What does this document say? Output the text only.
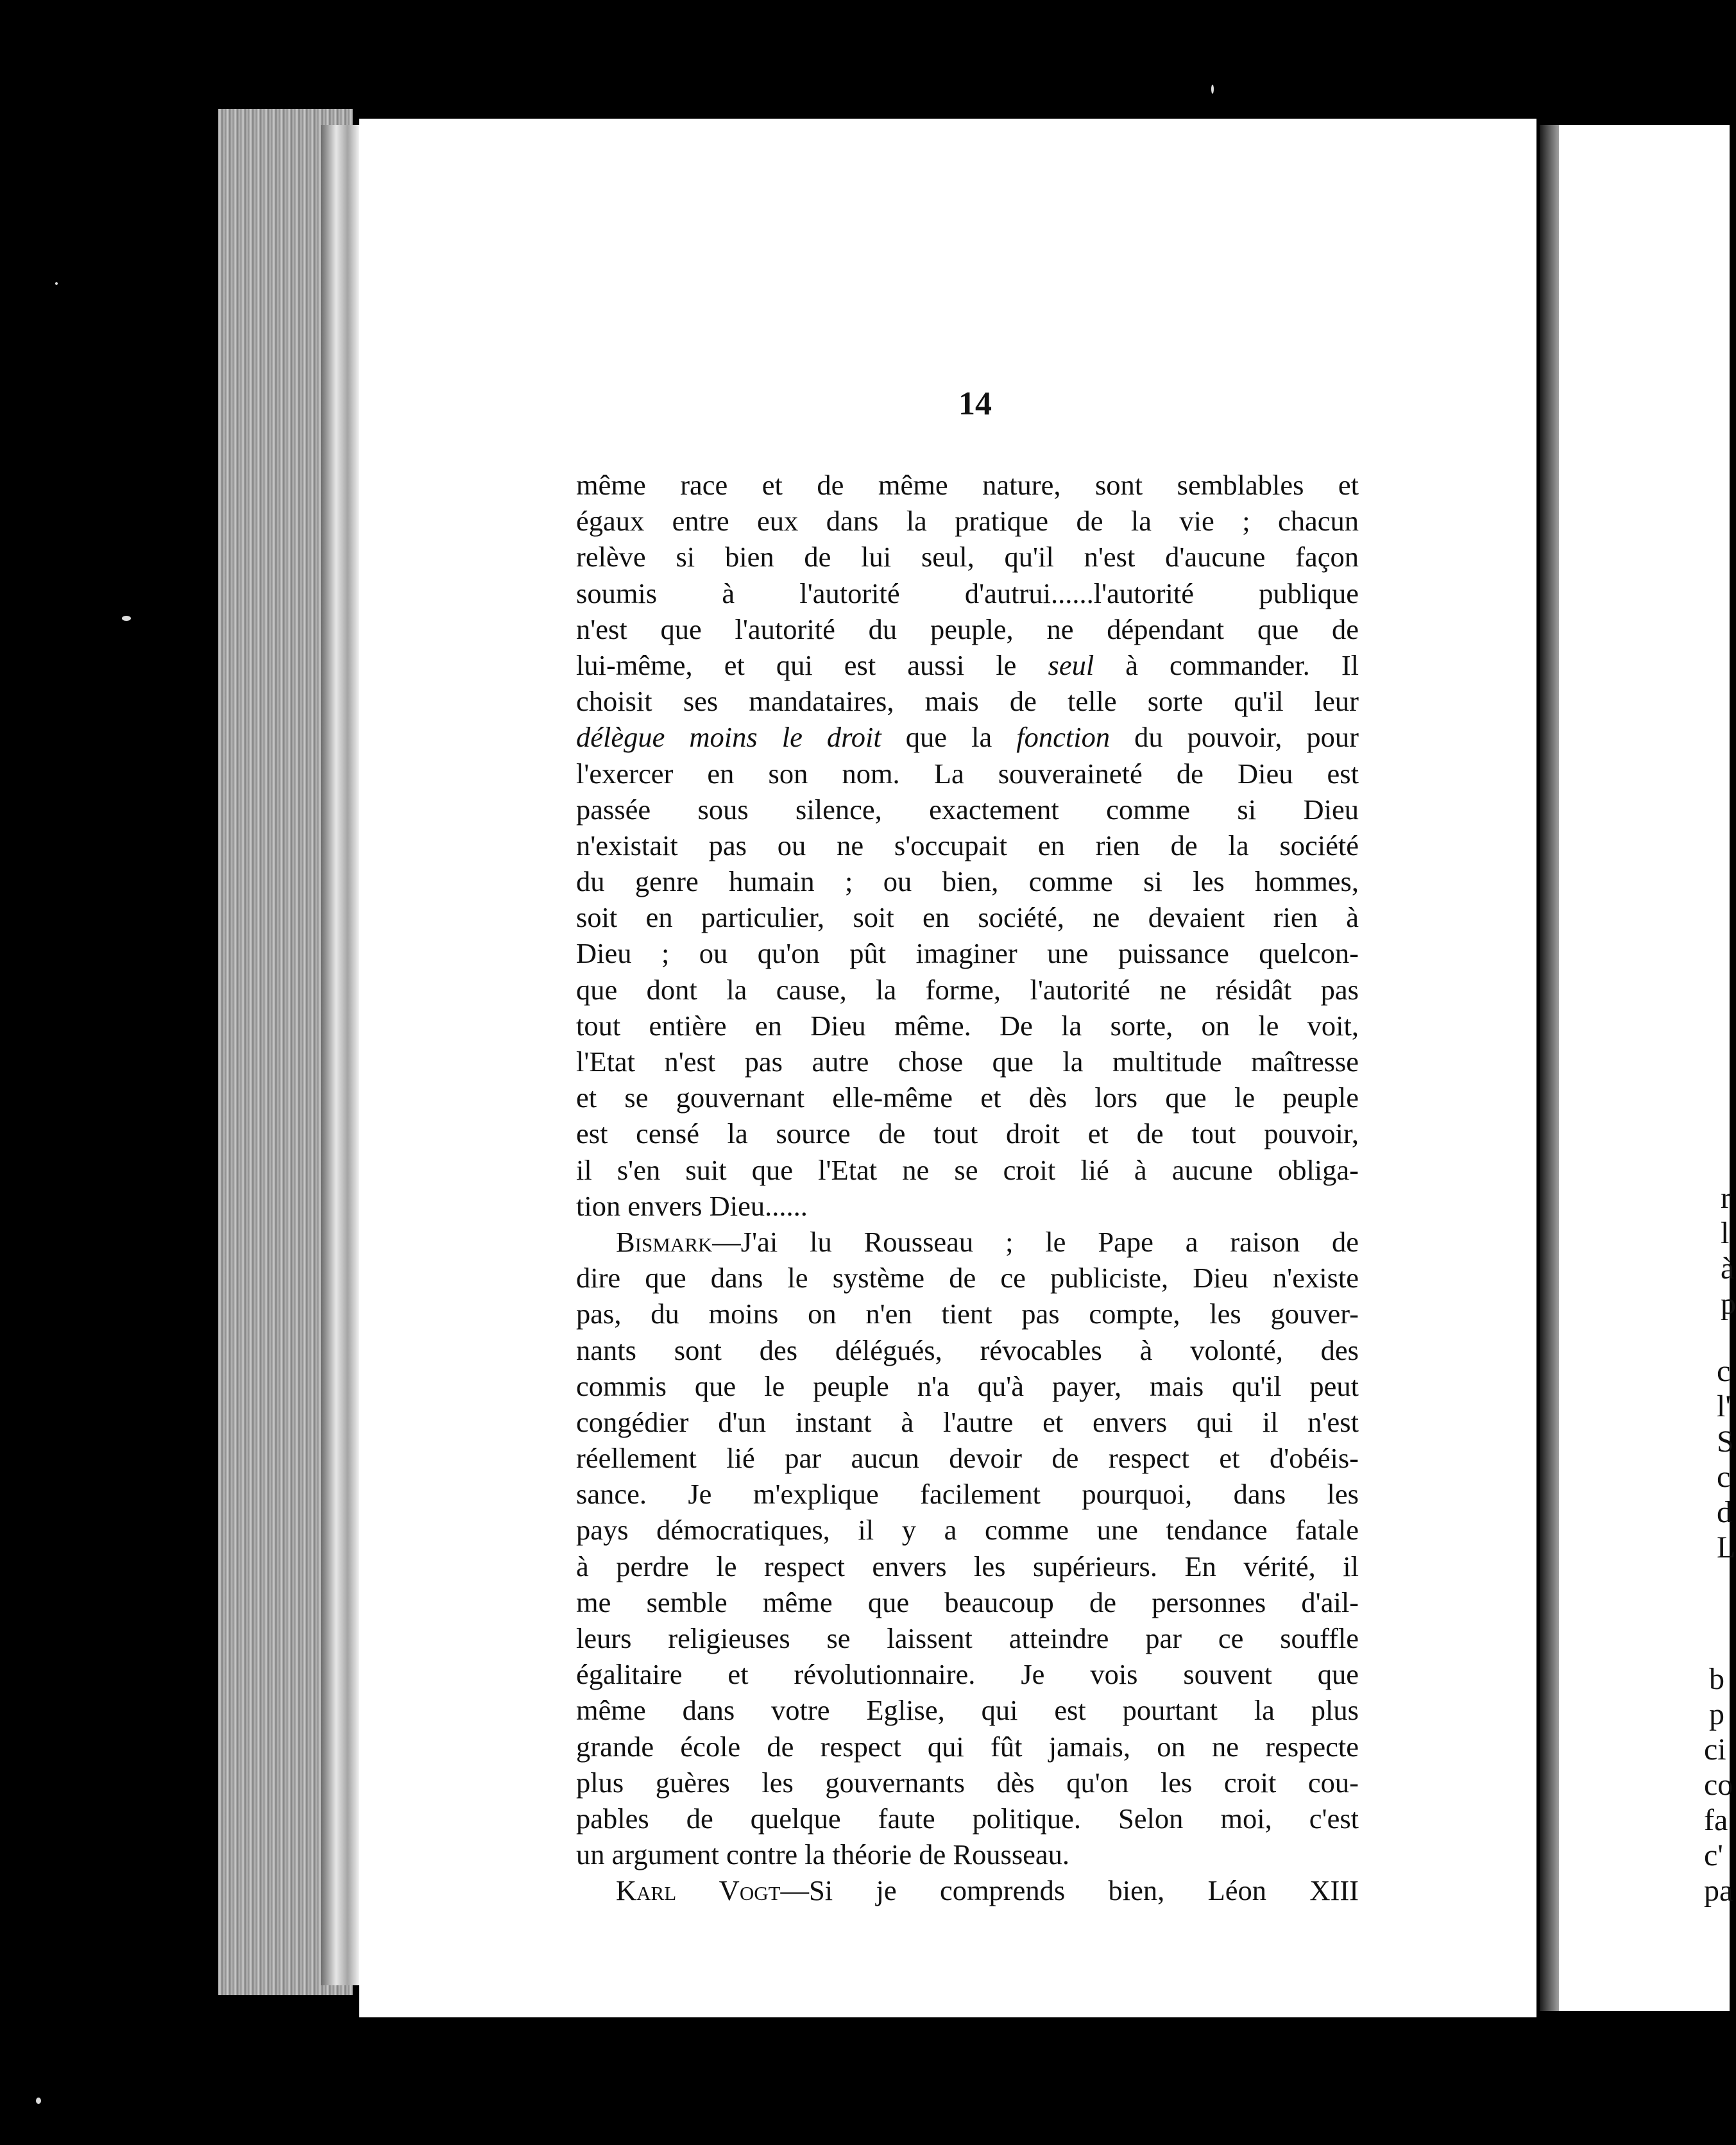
14
même race et de même nature, sont semblables et
égaux entre eux dans la pratique de la vie ; chacun
relève si bien de lui seul, qu'il n'est d'aucune façon
soumis à l'autorité d'autrui......l'autorité publique
n'est que l'autorité du peuple, ne dépendant que de
lui-même, et qui est aussi le seul à commander. Il
choisit ses mandataires, mais de telle sorte qu'il leur
délègue moins le droit que la fonction du pouvoir, pour
l'exercer en son nom. La souveraineté de Dieu est
passée sous silence, exactement comme si Dieu
n'existait pas ou ne s'occupait en rien de la société
du genre humain ; ou bien, comme si les hommes,
soit en particulier, soit en société, ne devaient rien à
Dieu ; ou qu'on pût imaginer une puissance quelcon-
que dont la cause, la forme, l'autorité ne résidât pas
tout entière en Dieu même. De la sorte, on le voit,
l'Etat n'est pas autre chose que la multitude maîtresse
et se gouvernant elle-même et dès lors que le peuple
est censé la source de tout droit et de tout pouvoir,
il s'en suit que l'Etat ne se croit lié à aucune obliga-
tion envers Dieu......
Bismark—J'ai lu Rousseau ; le Pape a raison de
dire que dans le système de ce publiciste, Dieu n'existe
pas, du moins on n'en tient pas compte, les gouver-
nants sont des délégués, révocables à volonté, des
commis que le peuple n'a qu'à payer, mais qu'il peut
congédier d'un instant à l'autre et envers qui il n'est
réellement lié par aucun devoir de respect et d'obéis-
sance. Je m'explique facilement pourquoi, dans les
pays démocratiques, il y a comme une tendance fatale
à perdre le respect envers les supérieurs. En vérité, il
me semble même que beaucoup de personnes d'ail-
leurs religieuses se laissent atteindre par ce souffle
égalitaire et révolutionnaire. Je vois souvent que
même dans votre Eglise, qui est pourtant la plus
grande école de respect qui fût jamais, on ne respecte
plus guères les gouvernants dès qu'on les croit cou-
pables de quelque faute politique. Selon moi, c'est
un argument contre la théorie de Rousseau.
Karl Vogt—Si je comprends bien, Léon XIII
r
l
à
p
c
l'
S
c
d
L
b
p
ci
co
fa
c'
pa
